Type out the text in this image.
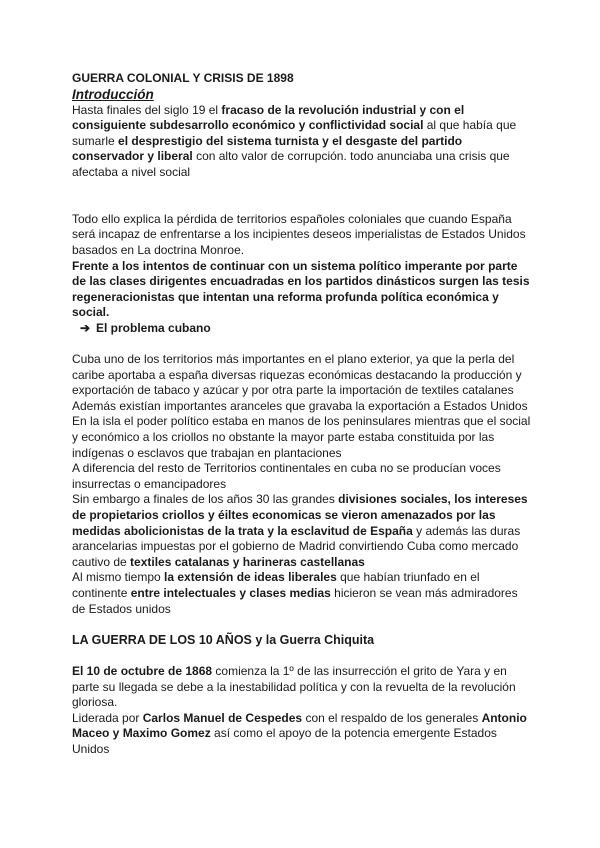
GUERRA COLONIAL Y CRISIS DE 1898

Introducción

Hasta finales del siglo 19 el fracaso de la revolución industrial y con el consiguiente subdesarrollo económico y conflictividad social al que había que sumarle el desprestigio del sistema turnista y el desgaste del partido conservador y liberal con alto valor de corrupción. todo anunciaba una crisis que afectaba a nivel social

Todo ello explica la pérdida de territorios españoles coloniales que cuando España será incapaz de enfrentarse a los incipientes deseos imperialistas de Estados Unidos basados en La doctrina Monroe.

Frente a los intentos de continuar con un sistema político imperante por parte de las clases dirigentes encuadradas en los partidos dinásticos surgen las tesis regeneracionistas que intentan una reforma profunda política económica y social.

➔ El problema cubano

Cuba uno de los territorios más importantes en el plano exterior, ya que la perla del caribe aportaba a españa diversas riquezas económicas destacando la producción y exportación de tabaco y azúcar y por otra parte la importación de textiles catalanes

Además existían importantes aranceles que gravaba la exportación a Estados Unidos

En la isla el poder político estaba en manos de los peninsulares mientras que el social y económico a los criollos no obstante la mayor parte estaba constituida por las indígenas o esclavos que trabajan en plantaciones

A diferencia del resto de Territorios continentales en cuba no se producían voces insurrectas o emancipadores

Sin embargo a finales de los años 30 las grandes divisiones sociales, los intereses de propietarios criollos y éiltes economicas se vieron amenazados por las medidas abolicionistas de la trata y la esclavitud de España y además las duras arancelarias impuestas por el gobierno de Madrid convirtiendo Cuba como mercado cautivo de textiles catalanas y harineras castellanas

Al mismo tiempo la extensión de ideas liberales que habían triunfado en el continente entre intelectuales y clases medias hicieron se vean más admiradores de Estados unidos

LA GUERRA DE LOS 10 AÑOS y la Guerra Chiquita

El 10 de octubre de 1868 comienza la 1º de las insurrección el grito de Yara y en parte su llegada se debe a la inestabilidad política y con la revuelta de la revolución gloriosa.

Liderada por Carlos Manuel de Cespedes con el respaldo de los generales Antonio Maceo y Maximo Gomez así como el apoyo de la potencia emergente Estados Unidos
